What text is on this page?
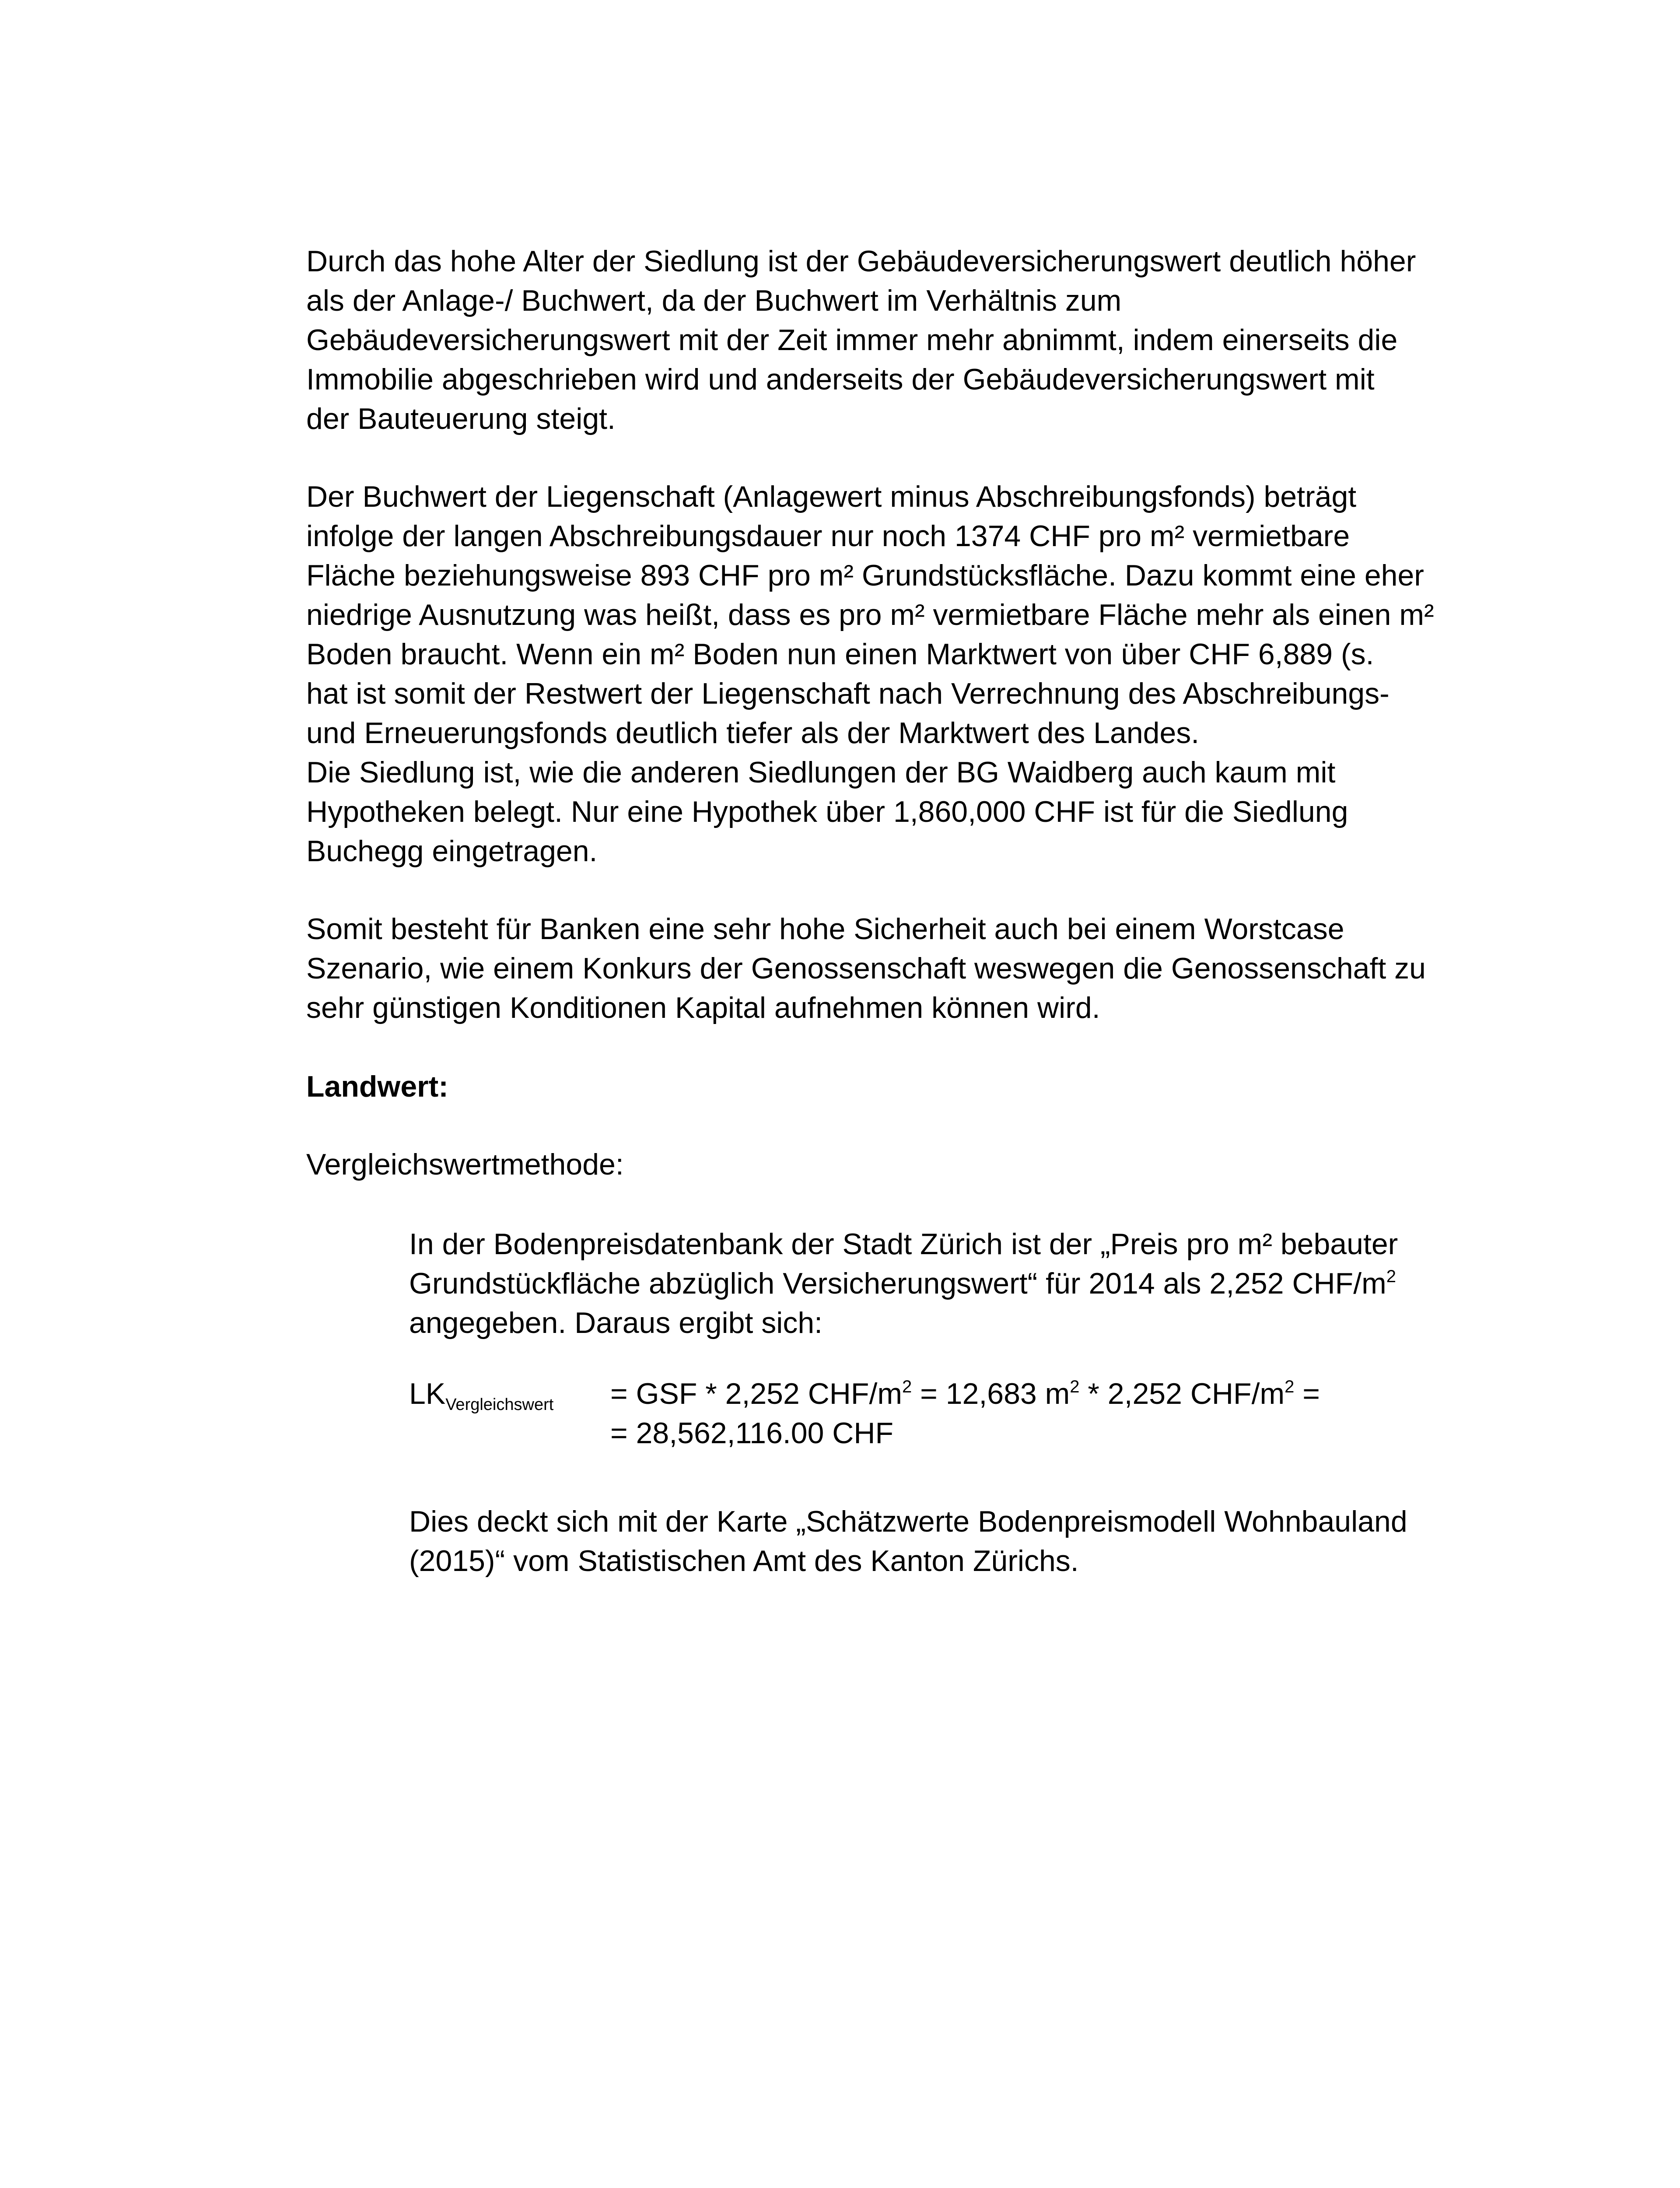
Durch das hohe Alter der Siedlung ist der Gebäudeversicherungswert deutlich höher
als der Anlage-/ Buchwert, da der Buchwert im Verhältnis zum
Gebäudeversicherungswert mit der Zeit immer mehr abnimmt, indem einerseits die
Immobilie abgeschrieben wird und anderseits der Gebäudeversicherungswert mit
der Bauteuerung steigt.

Der Buchwert der Liegenschaft (Anlagewert minus Abschreibungsfonds) beträgt
infolge der langen Abschreibungsdauer nur noch 1374 CHF pro m² vermietbare
Fläche beziehungsweise 893 CHF pro m² Grundstücksfläche. Dazu kommt eine eher
niedrige Ausnutzung was heißt, dass es pro m² vermietbare Fläche mehr als einen m²
Boden braucht. Wenn ein m² Boden nun einen Marktwert von über CHF 6,889 (s.
hat ist somit der Restwert der Liegenschaft nach Verrechnung des Abschreibungs-
und Erneuerungsfonds deutlich tiefer als der Marktwert des Landes.
Die Siedlung ist, wie die anderen Siedlungen der BG Waidberg auch kaum mit
Hypotheken belegt. Nur eine Hypothek über 1,860,000 CHF ist für die Siedlung
Buchegg eingetragen.

Somit besteht für Banken eine sehr hohe Sicherheit auch bei einem Worstcase
Szenario, wie einem Konkurs der Genossenschaft weswegen die Genossenschaft zu
sehr günstigen Konditionen Kapital aufnehmen können wird.

Landwert:

Vergleichswertmethode:

In der Bodenpreisdatenbank der Stadt Zürich ist der „Preis pro m² bebauter
Grundstückfläche abzüglich Versicherungswert“ für 2014 als 2,252 CHF/$m^2$
angegeben. Daraus ergibt sich:

$LK_{Vergleichswert}$ = GSF * 2,252 CHF/$m^2 = 12,683$ $m^2 * 2,252$ CHF/$m^2$ =
= 28,562,116.00 CHF

Dies deckt sich mit der Karte „Schätzwerte Bodenpreismodell Wohnbauland
(2015)“ vom Statistischen Amt des Kanton Zürichs.
